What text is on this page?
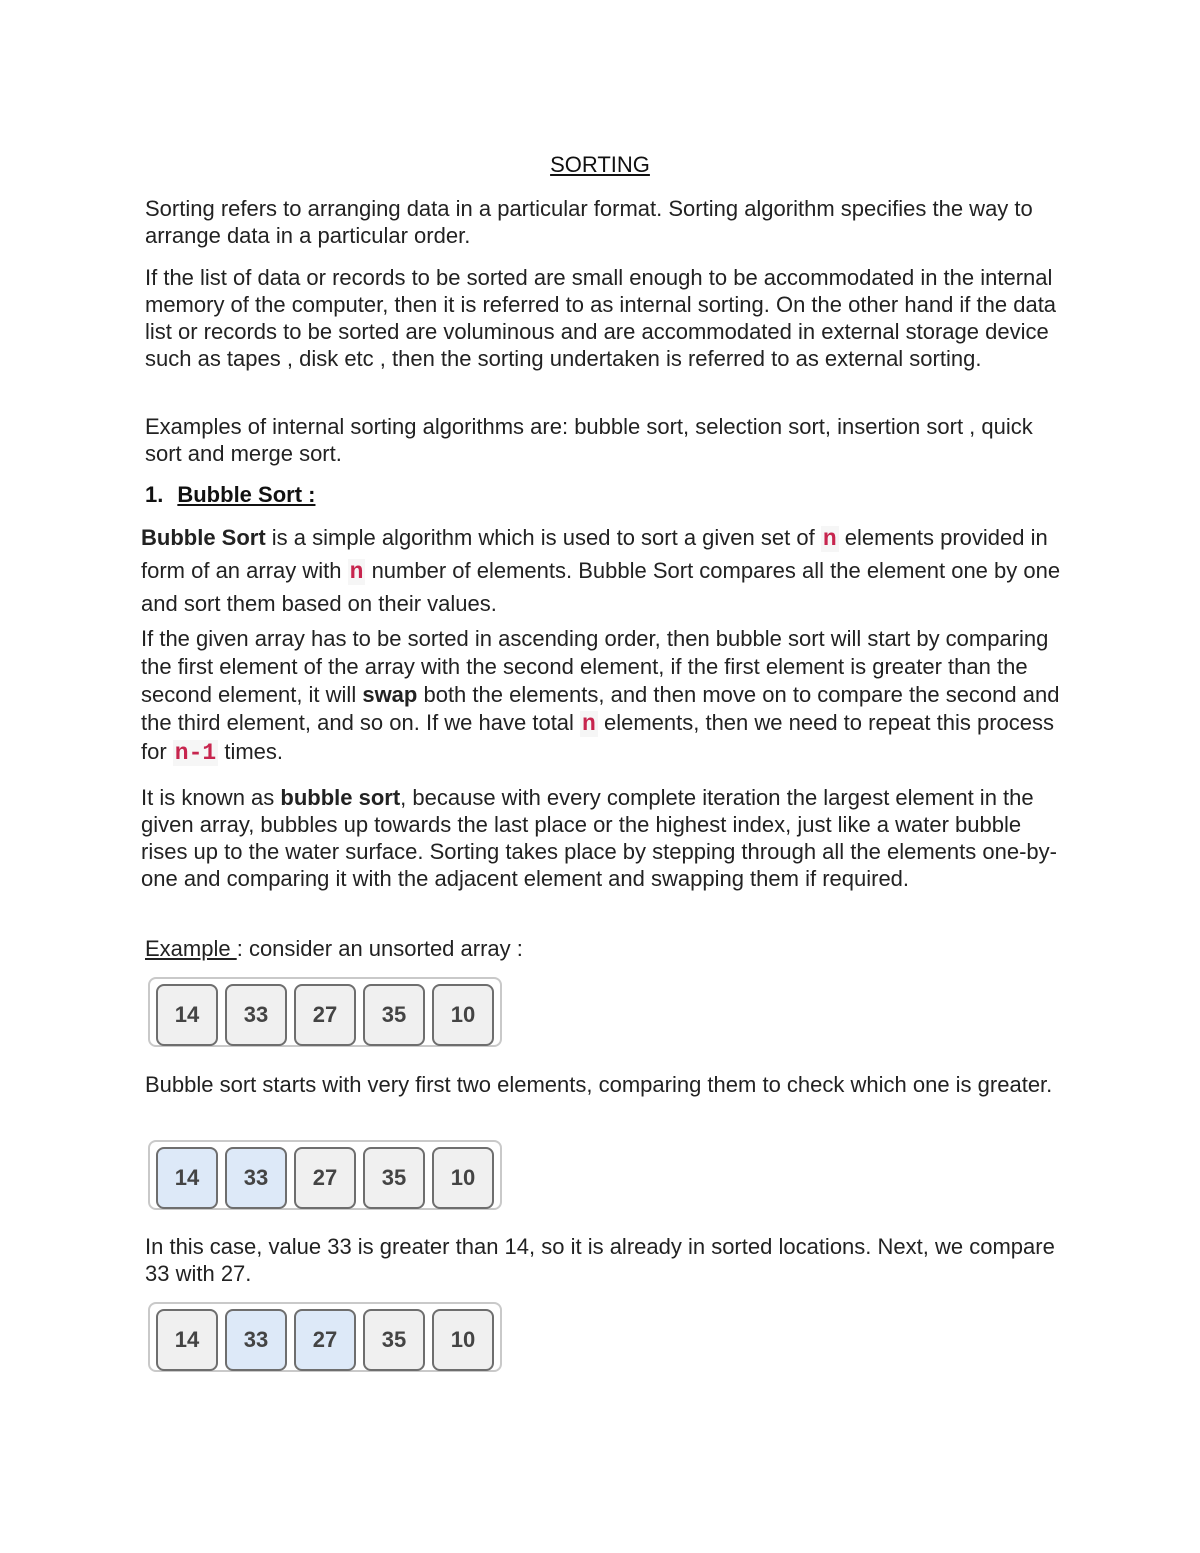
SORTING

Sorting refers to arranging data in a particular format. Sorting algorithm specifies the way to arrange data in a particular order.

If the list of data or records to be sorted are small enough to be accommodated in the internal memory of the computer, then it is referred to as internal sorting. On the other hand if the data list or records to be sorted are voluminous and are accommodated in external storage device such as tapes , disk etc , then the sorting undertaken is referred to as external sorting.

Examples of internal sorting algorithms are: bubble sort, selection sort, insertion sort , quick sort and merge sort.

1. Bubble Sort :

Bubble Sort is a simple algorithm which is used to sort a given set of n elements provided in form of an array with n number of elements. Bubble Sort compares all the element one by one and sort them based on their values.

If the given array has to be sorted in ascending order, then bubble sort will start by comparing the first element of the array with the second element, if the first element is greater than the second element, it will swap both the elements, and then move on to compare the second and the third element, and so on. If we have total n elements, then we need to repeat this process for n-1 times.

It is known as bubble sort, because with every complete iteration the largest element in the given array, bubbles up towards the last place or the highest index, just like a water bubble rises up to the water surface. Sorting takes place by stepping through all the elements one-by-one and comparing it with the adjacent element and swapping them if required.

Example : consider an unsorted array :

14	33	27	35	10

Bubble sort starts with very first two elements, comparing them to check which one is greater.

14	33	27	35	10

In this case, value 33 is greater than 14, so it is already in sorted locations. Next, we compare 33 with 27.

14	33	27	35	10
